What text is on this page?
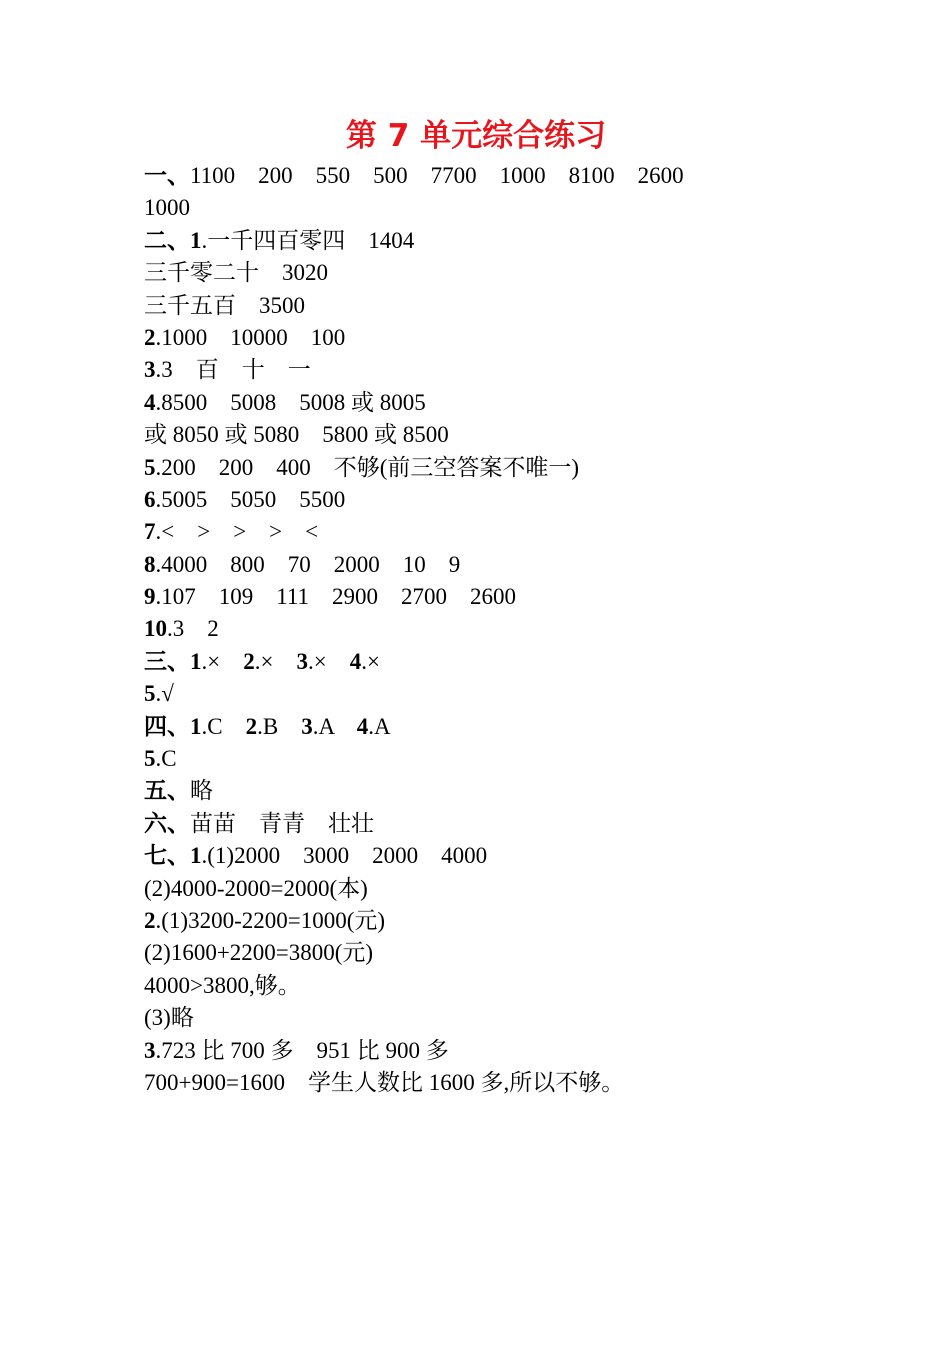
第 7 单元综合练习
一、1100    200    550    500    7700    1000    8100    2600
1000
二、1.一千四百零四    1404
三千零二十    3020
三千五百    3500
2.1000    10000    100
3.3    百    十    一
4.8500    5008    5008 或 8005
或 8050 或 5080    5800 或 8500
5.200    200    400    不够(前三空答案不唯一)
6.5005    5050    5500
7.<    >    >    >    <
8.4000    800    70    2000    10    9
9.107    109    111    2900    2700    2600
10.3    2
三、1.×    2.×    3.×    4.×
5.√
四、1.C    2.B    3.A    4.A
5.C
五、略
六、苗苗    青青    壮壮
七、1.(1)2000    3000    2000    4000
(2)4000-2000=2000(本)
2.(1)3200-2200=1000(元)
(2)1600+2200=3800(元)
4000>3800,够。
(3)略
3.723 比 700 多    951 比 900 多
700+900=1600    学生人数比 1600 多,所以不够。
